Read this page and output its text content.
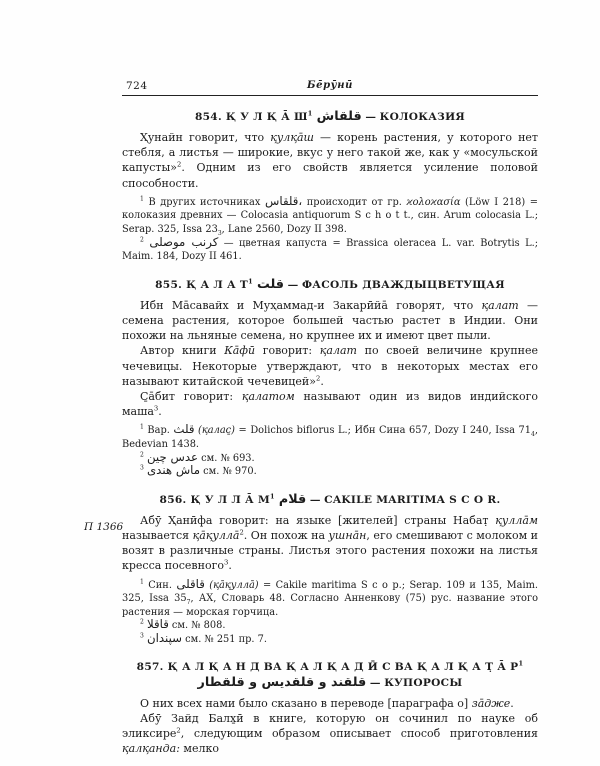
724	Бе̄рӯнӣ
854. Қ У Л Қ А̄ $Ш^1$ قلقاش — КОЛОКАЗИЯ

Ҳунайн говорит, что қулқа̄ш — корень растения, у которого нет стебля, а листья — широкие, вкус у него такой же, как у «мосульской капусты»$^2$. Одним из его свойств является усиление половой способности.

$^1$ В других источниках قلقاس، происходит от гр. ϰολοϰασία (Löw I 218) = колоказия древних — Colocasia antiquorum S c h o t t., син. Arum colocasia L.; Serap. 325, Issa $23_3$, Lane 2560, Dozy II 398.

$^2$ كرنب موصلى — цветная капуста = Brassica oleracea L. var. Botrytis L.; Maim. 184, Dozy II 461.

855. Қ А Л А $Т^1$ قلت — ФАСОЛЬ ДВАЖДЫЦВЕТУЩАЯ

Ибн Ма̄савайх и Муҳаммад-и Закарӣйа̄ говорят, что қалат — семена растения, которое большей частью растет в Индии. Они похожи на льняные семена, но крупнее их и имеют цвет пыли.

Автор книги Ка̄фӣ говорит: қалат по своей величине крупнее чечевицы. Некоторые утверждают, что в некоторых местах его называют китайской чечевицей»$^2$.

С̱а̄бит говорит: қалатом называют один из видов индийского маша$^3$.

$^1$ Вар. قلث (қалас̱) = Dolichos biflorus L.; Ибн Сина 657, Dozy I 240, Issa $71_4$, Bedevian 1438.

$^2$ عدس چين см. № 693.

$^3$ ماش هندى см. № 970.

856. Қ У Л Л А̄ $М^1$ قلام — CAKILE MARITIMA S C O R.
П 1366	Абӯ Ҳанӣфа говорит: на языке [жителей] страны Набат̣ қулла̄м называется қа̄қулла̄$^2$. Он похож на ушна̄н, его смешивают с молоком и возят в различные страны. Листья этого растения похожи на листья кресса посевного$^3$.

$^1$ Син. قاقلى (қа̄қулла̄) = Cakile maritima S c o p.; Serap. 109 и 135, Maim. 325, Issa $35_7$, АХ, Словарь 48. Согласно Анненкову (75) рус. название этого растения — морская горчица.

$^2$ قاقلا см. № 808.

$^3$ سپندان см. № 251 пр. 7.

857. Қ А Л Қ А Н Д ВА Қ А Л Қ А Д Ӣ С ВА Қ А Л Қ А Т̣ А̄ $Р^1$
قلقند و قلقديس و قلقطار — КУПОРОСЫ

О них всех нами было сказано в переводе [параграфа о] за̄дже.

Абӯ Зайд Балх̱ӣ в книге, которую он сочинил по науке об эликсире$^2$, следующим образом описывает способ приготовления қалқанда: мелко
